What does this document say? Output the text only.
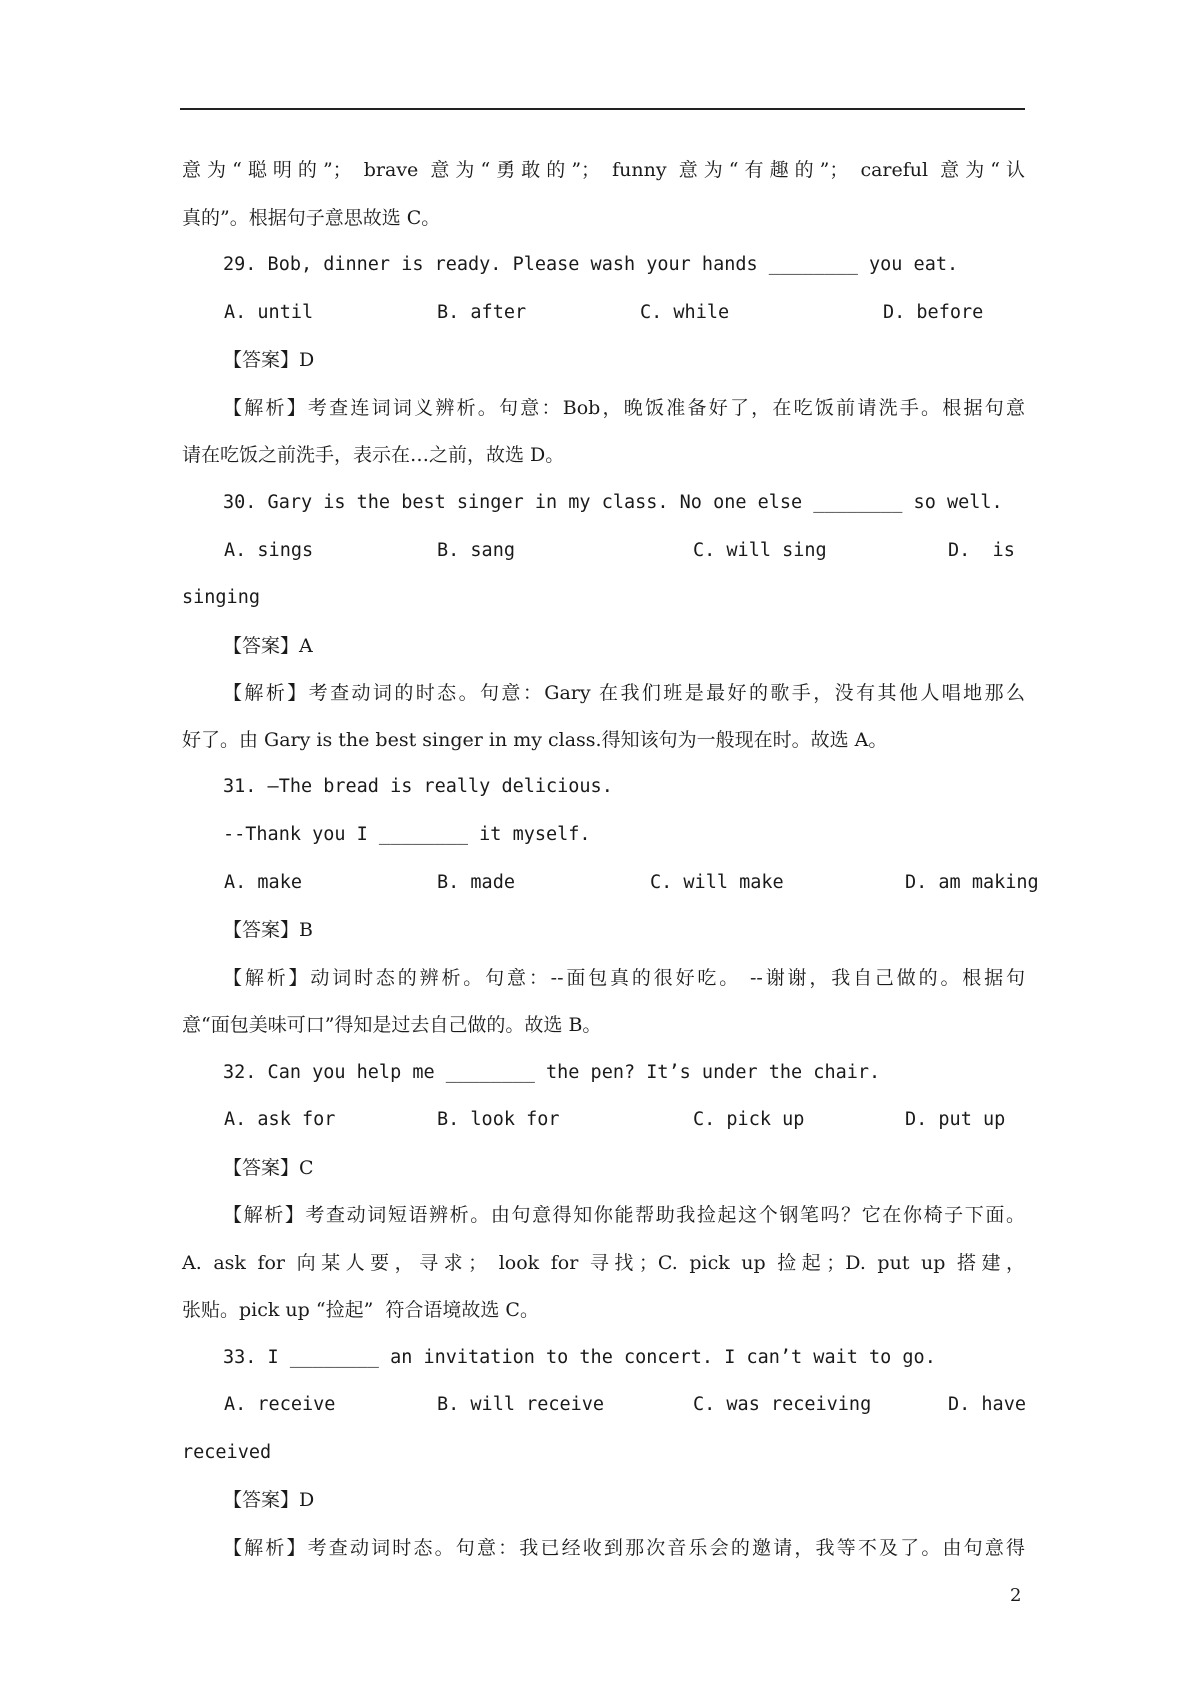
意为“聪明的”； brave 意为“勇敢的”； funny 意为“有趣的”； careful 意为“认
真的”。根据句子意思故选 C。
29. Bob, dinner is ready. Please wash your hands ________ you eat.
A. until	B. after	C. while	D. before
【答案】D
【解析】考查连词词义辨析。句意：Bob，晚饭准备好了，在吃饭前请洗手。根据句意
请在吃饭之前洗手，表示在…之前，故选 D。
30. Gary is the best singer in my class. No one else ________ so well.
A. sings	B. sang	C. will sing	D.  is
singing
【答案】A
【解析】考查动词的时态。句意：Gary 在我们班是最好的歌手，没有其他人唱地那么
好了。由 Gary is the best singer in my class.得知该句为一般现在时。故选 A。
31. –The bread is really delicious.
--Thank you I ________ it myself.
A. make	B. made	C. will make	D. am making
【答案】B
【解析】动词时态的辨析。句意：--面包真的很好吃。 --谢谢，我自己做的。根据句
意“面包美味可口”得知是过去自己做的。故选 B。
32. Can you help me ________ the pen? It’s under the chair.
A. ask for	B. look for	C. pick up	D. put up
【答案】C
【解析】考查动词短语辨析。由句意得知你能帮助我捡起这个钢笔吗？它在你椅子下面。
A. ask for 向某人要，寻求； look for 寻找；C. pick up 捡起；D. put up 搭建，
张贴。pick up “捡起”  符合语境故选 C。
33. I ________ an invitation to the concert. I can’t wait to go.
A. receive	B. will receive	C. was receiving	D. have
received
【答案】D
【解析】考查动词时态。句意：我已经收到那次音乐会的邀请，我等不及了。由句意得
2
